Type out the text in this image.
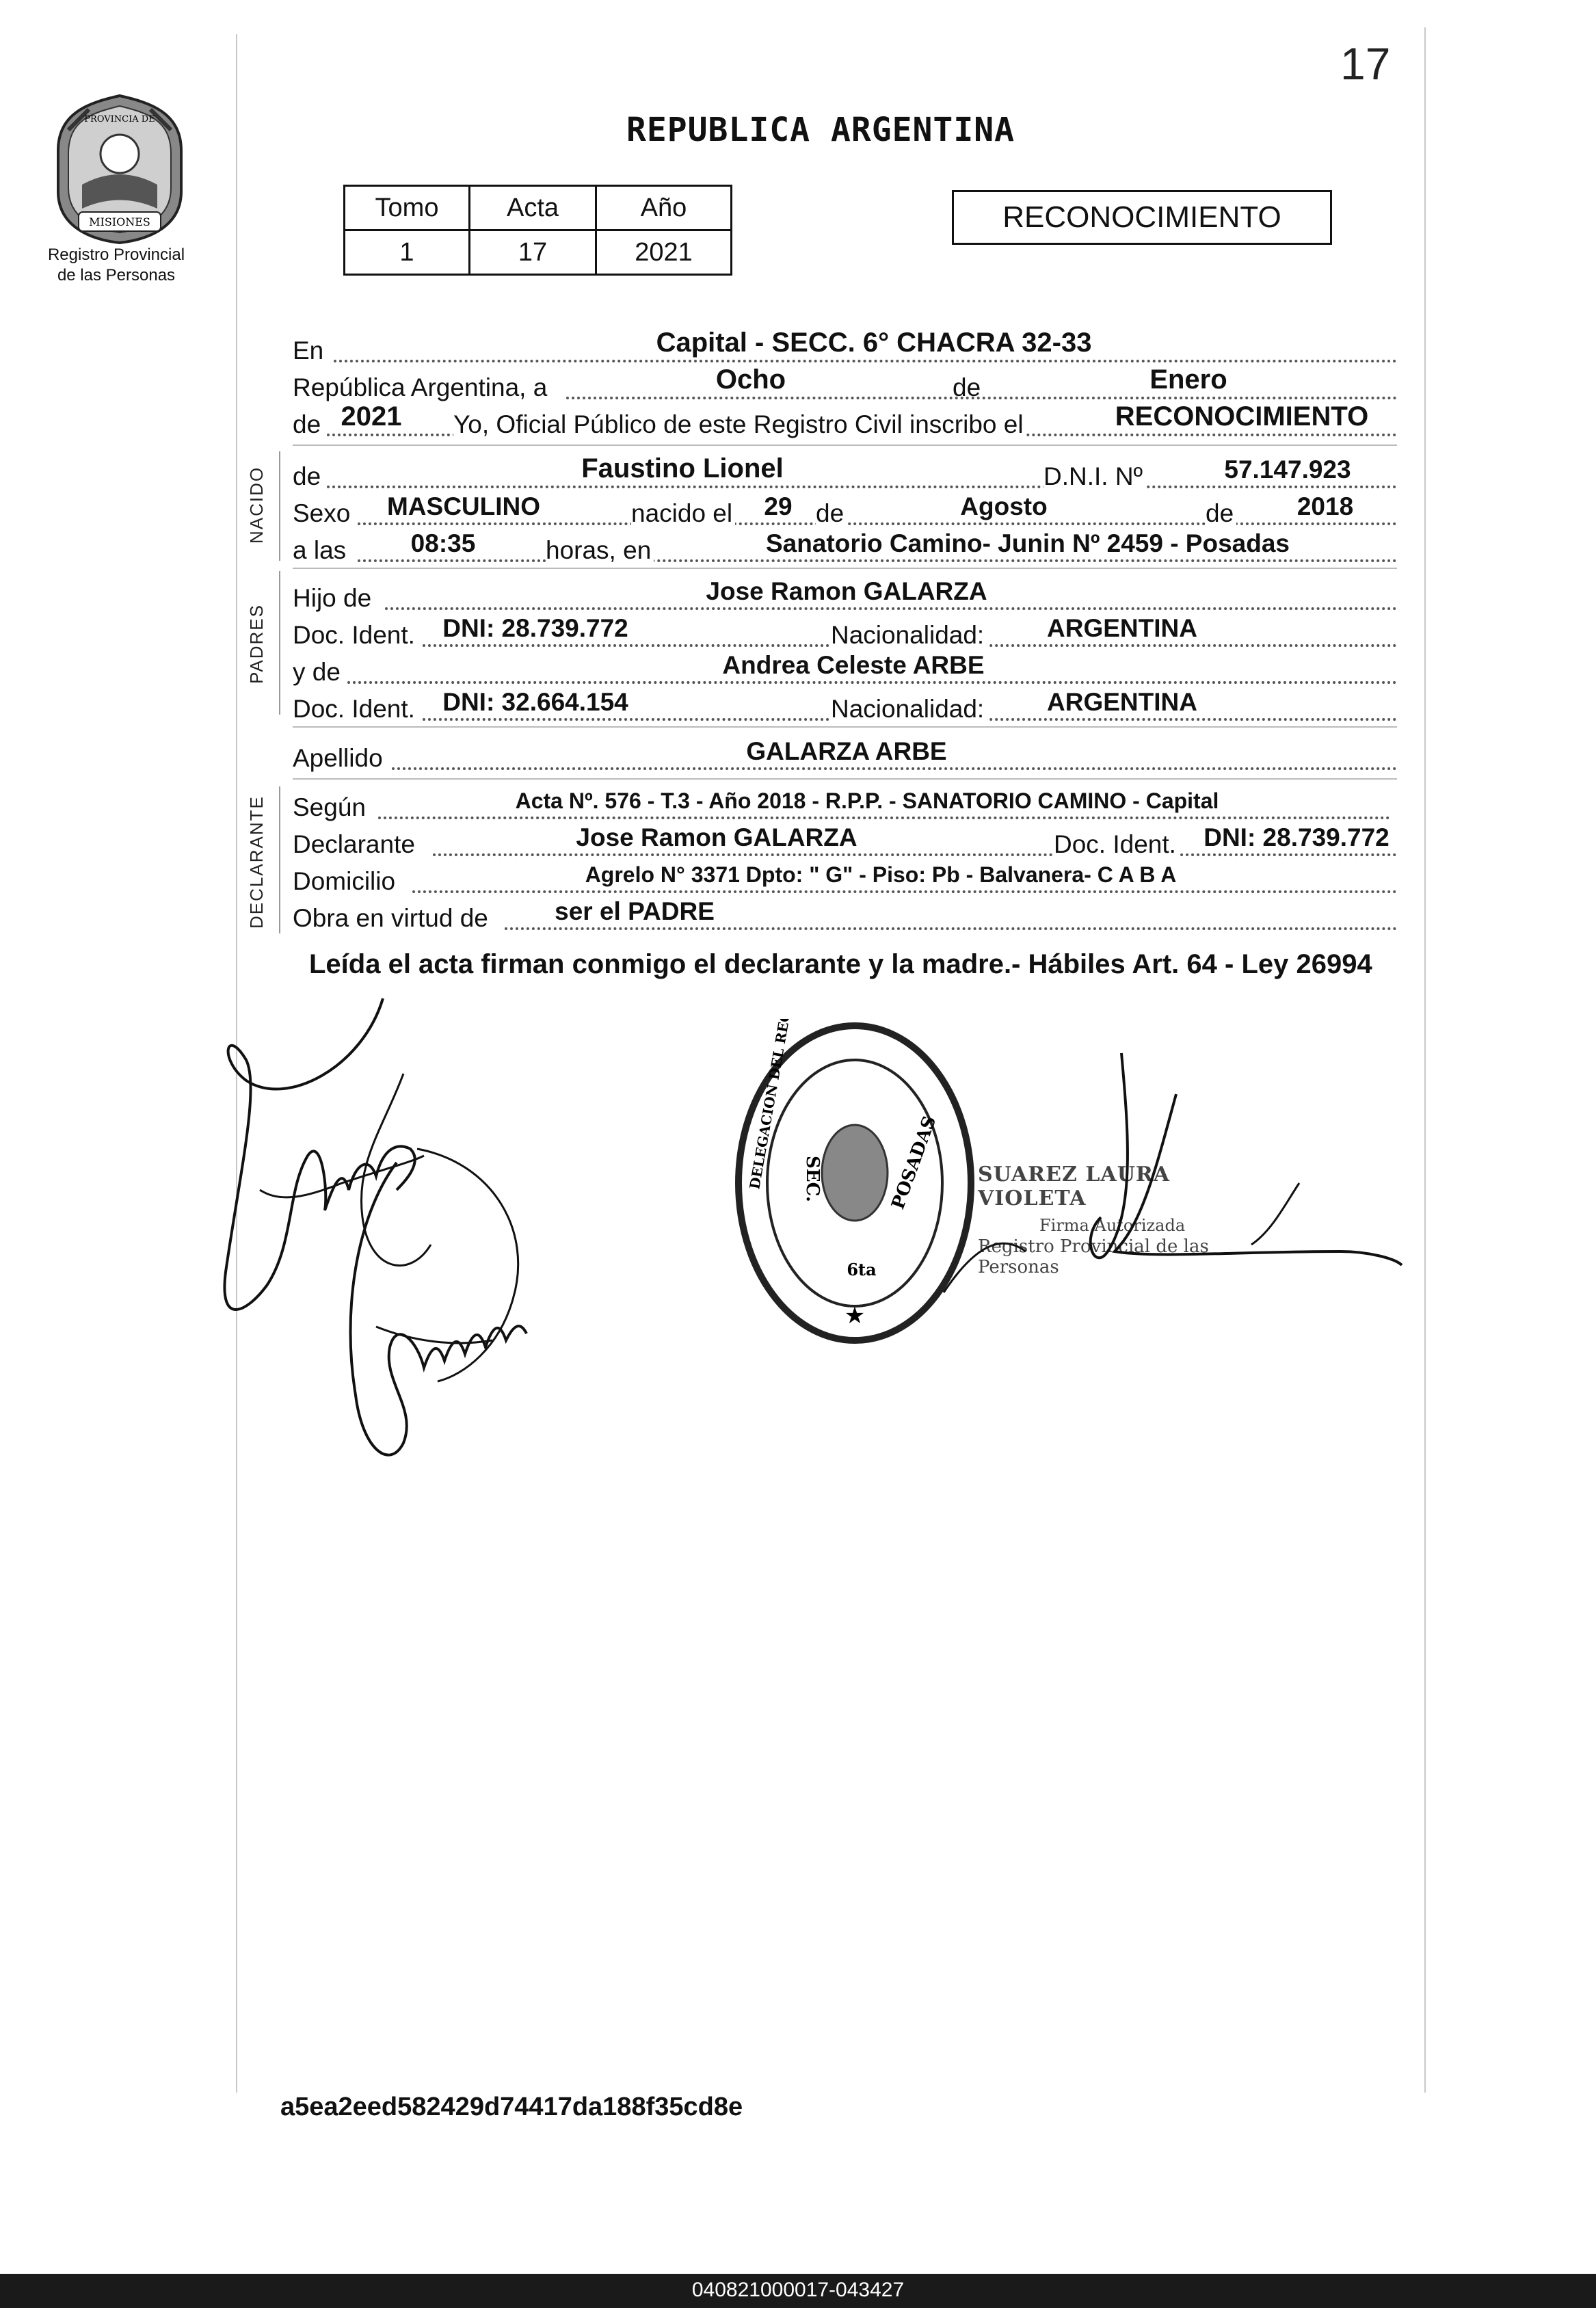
17
REPUBLICA ARGENTINA
MISIONES
PROVINCIA DE
Registro Provincial
de las Personas
Tomo	Acta	Año
1	17	2021
RECONOCIMIENTO
NACIDO
PADRES
DECLARANTE
En	Capital - SECC. 6° CHACRA 32-33
República Argentina, a	Ocho	de	Enero
de 2021	Yo, Oficial Público de este Registro Civil inscribo el	RECONOCIMIENTO
de	Faustino Lionel	D.N.I. Nº	57.147.923
Sexo	MASCULINO	nacido el	29 de	Agosto	de	2018
a las	08:35	horas, en	Sanatorio Camino- Junin Nº 2459 - Posadas
Hijo de	Jose Ramon GALARZA
Doc. Ident.	DNI: 28.739.772	Nacionalidad:	ARGENTINA
y de	Andrea Celeste ARBE
Doc. Ident.	DNI: 32.664.154	Nacionalidad:	ARGENTINA
Apellido	GALARZA ARBE
Según	Acta Nº. 576 - T.3 - Año 2018 - R.P.P. - SANATORIO CAMINO - Capital
Declarante	Jose Ramon GALARZA	Doc. Ident.	DNI: 28.739.772
Domicilio	Agrelo N° 3371 Dpto: " G" - Piso: Pb - Balvanera- C A B A
Obra en virtud de	ser el PADRE
Leída el acta firman conmigo el declarante y la madre.- Hábiles Art. 64 - Ley 26994
SEC.
6ta
POSADAS
★
SUAREZ LAURA VIOLETA
Firma Autorizada
Registro Provincial de las Personas
a5ea2eed582429d74417da188f35cd8e
040821000017-043427
